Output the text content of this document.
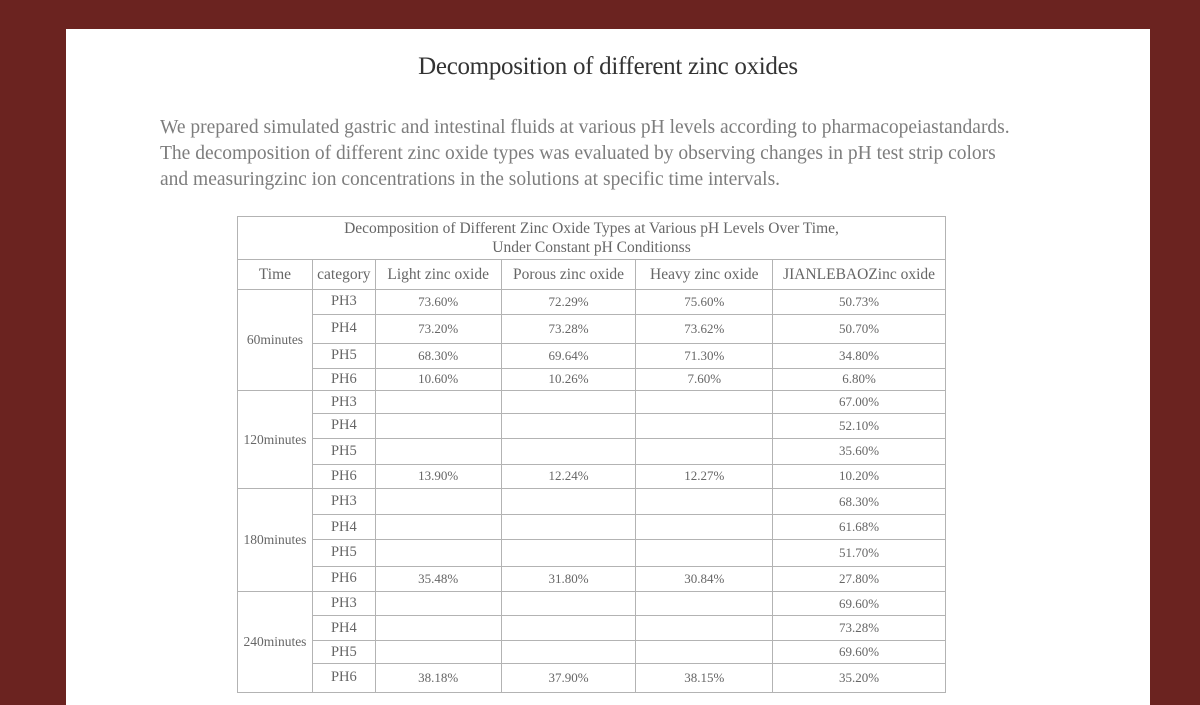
Decomposition of different zinc oxides

We prepared simulated gastric and intestinal fluids at various pH levels according to pharmacopeiastandards.

The decomposition of different zinc oxide types was evaluated by observing changes in pH test strip colors

and measuringzinc ion concentrations in the solutions at specific time intervals.

Decomposition of Different Zinc Oxide Types at Various pH Levels Over Time,
Under Constant pH Conditionss					

Time	category	Light zinc oxide	Porous zinc oxide	Heavy zinc oxide	JIANLEBAOZinc oxide
60minutes	PH3	73.60%	72.29%	75.60%	50.73%
	PH4	73.20%	73.28%	73.62%	50.70%
	PH5	68.30%	69.64%	71.30%	34.80%
	PH6	10.60%	10.26%	7.60%	6.80%
120minutes	PH3				67.00%
	PH4				52.10%
	PH5				35.60%
	PH6	13.90%	12.24%	12.27%	10.20%
180minutes	PH3				68.30%
	PH4				61.68%
	PH5				51.70%
	PH6	35.48%	31.80%	30.84%	27.80%
240minutes	PH3				69.60%
	PH4				73.28%
	PH5				69.60%
	PH6	38.18%	37.90%	38.15%	35.20%
